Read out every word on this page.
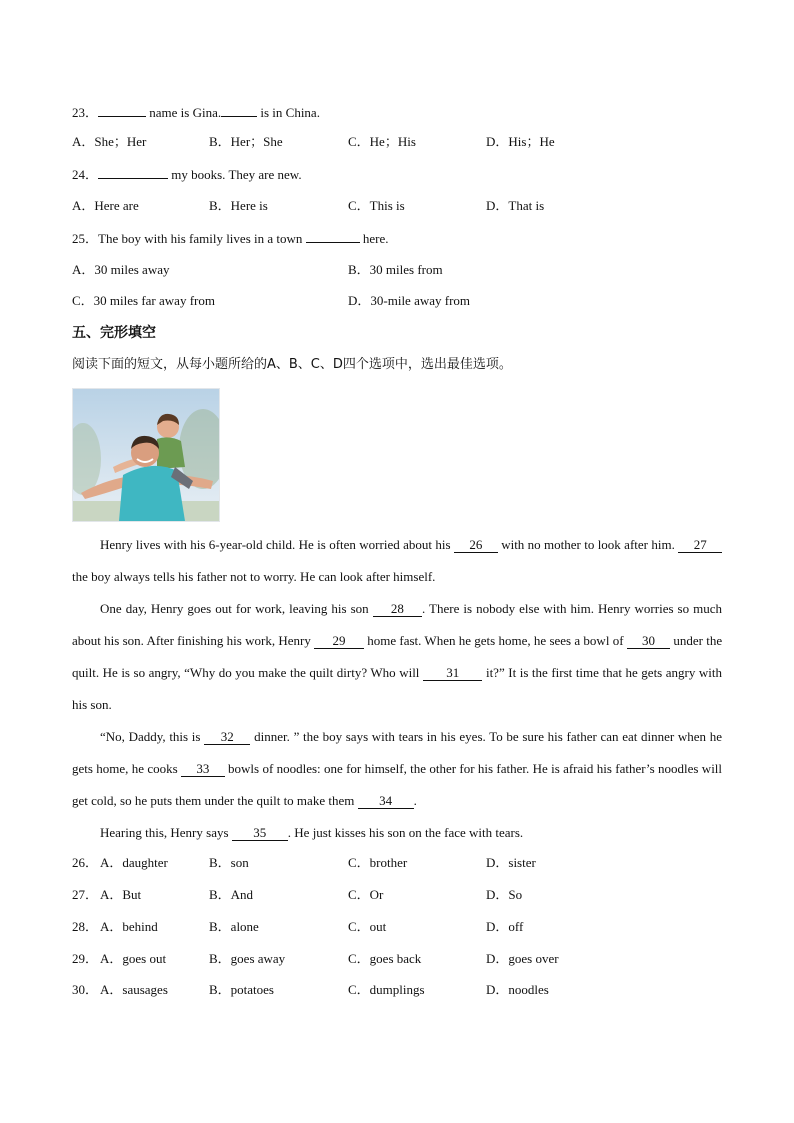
23．	name is Gina.	is in China.
A．She；Her	B．Her；She	C．He；His	D．His；He
24．	my books. They are new.
A．Here are	B．Here is	C．This is	D．That is
25．The boy with his family lives in a town	here.
A．30 miles away	B．30 miles from
C．30 miles far away from	D．30-mile away from
五、完形填空
阅读下面的短文，从每小题所给的A、B、C、D四个选项中，选出最佳选项。

Henry lives with his 6-year-old child. He is often worried about his 26 with no mother to look after him. 27     the boy always tells his father not to worry. He can look after himself.

One day, Henry goes out for work, leaving his son 28 . There is nobody else with him. Henry worries so much about his son. After finishing his work, Henry 29 home fast. When he gets home, he sees a bowl of 30 under the quilt. He is so angry, “Why do you make the quilt dirty? Who will 31 it?” It is the first time that he gets angry with his son.

“No, Daddy, this is 32 dinner. ” the boy says with tears in his eyes. To be sure his father can eat dinner when he gets home, he cooks 33 bowls of noodles: one for himself, the other for his father. He is afraid his father’s noodles will get cold, so he puts them under the quilt to make them 34 .

Hearing this, Henry says 35 . He just kisses his son on the face with tears.

26． A．daughter	B．son	C．brother	D．sister
27． A．But	B．And	C．Or	D．So
28． A．behind	B．alone	C．out	D．off
29． A．goes out	B．goes away	C．goes back	D．goes over
30． A．sausages	B．potatoes	C．dumplings	D．noodles
